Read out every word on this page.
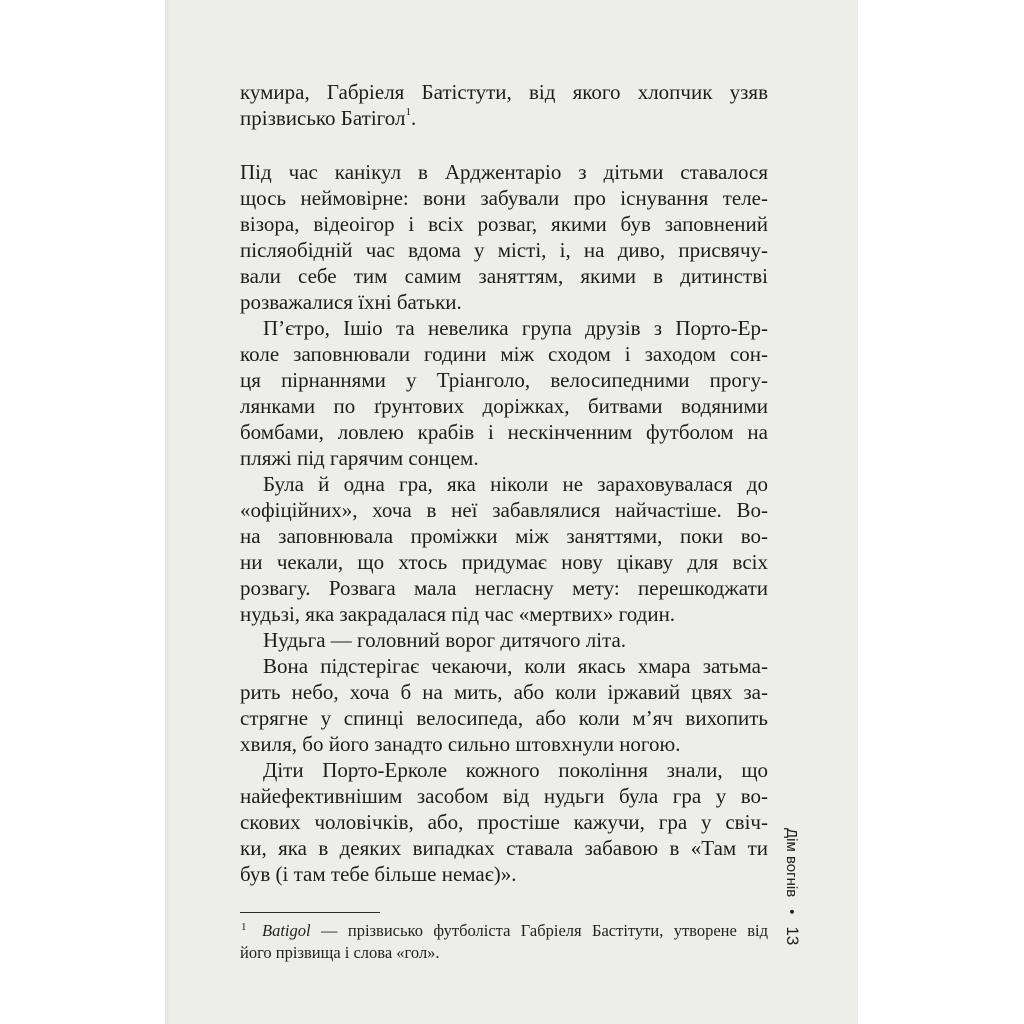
кумира, Габріеля Батістути, від якого хлопчик узяв
прізвисько Батігол$^1$.
Під час канікул в Арджентаріо з дітьми ставалося
щось неймовірне: вони забували про існування теле-
візора, відеоігор і всіх розваг, якими був заповнений
післяобідній час вдома у місті, і, на диво, присвячу-
вали себе тим самим заняттям, якими в дитинстві
розважалися їхні батьки.
П’єтро, Ішіо та невелика група друзів з Порто-Ер-
коле заповнювали години між сходом і заходом сон-
ця пірнаннями у Тріанголо, велосипедними прогу-
лянками по ґрунтових доріжках, битвами водяними
бомбами, ловлею крабів і нескінченним футболом на
пляжі під гарячим сонцем.
Була й одна гра, яка ніколи не зараховувалася до
«офіційних», хоча в неї забавлялися найчастіше. Во-
на заповнювала проміжки між заняттями, поки во-
ни чекали, що хтось придумає нову цікаву для всіх
розвагу. Розвага мала негласну мету: перешкоджати
нудьзі, яка закрадалася під час «мертвих» годин.
Нудьга — головний ворог дитячого літа.
Вона підстерігає чекаючи, коли якась хмара затьма-
рить небо, хоча б на мить, або коли іржавий цвях за-
стрягне у спинці велосипеда, або коли м’яч вихопить
хвиля, бо його занадто сильно штовхнули ногою.
Діти Порто-Ерколе кожного покоління знали, що
найефективнішим засобом від нудьги була гра у во-
скових чоловічків, або, простіше кажучи, гра у свіч-
ки, яка в деяких випадках ставала забавою в «Там ти
був (і там тебе більше немає)».
1 Batigol — прізвисько футболіста Габріеля Бастітути, утворене від
його прізвища і слова «гол».
Дім вогнів•13
